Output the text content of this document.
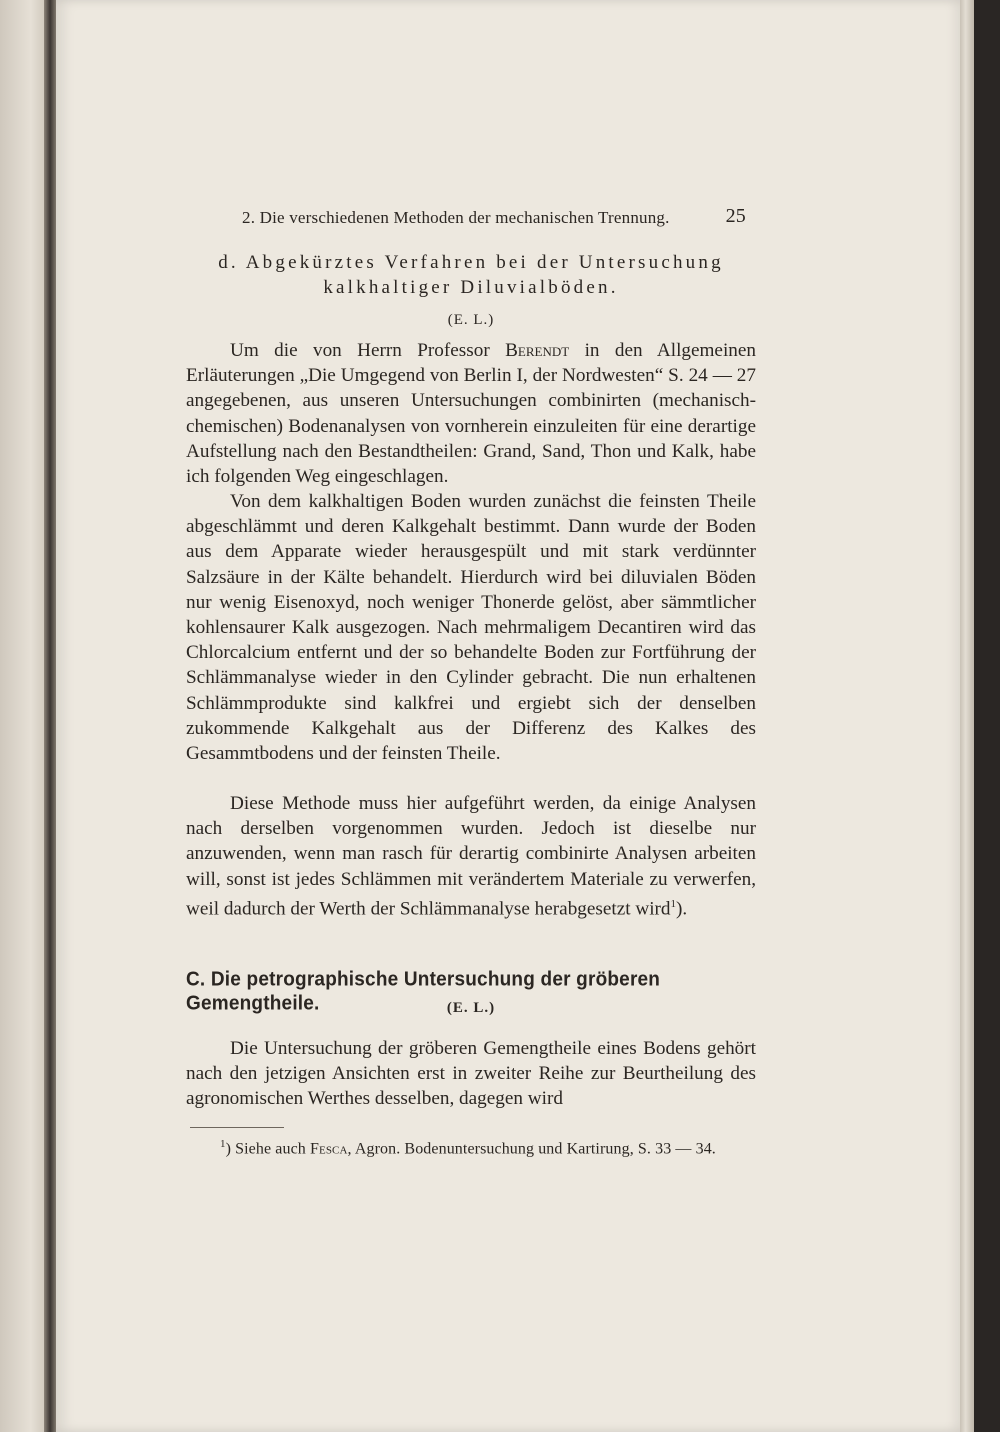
2. Die verschiedenen Methoden der mechanischen Trennung.	25
d. Abgekürztes Verfahren bei der Untersuchung
kalkhaltiger Diluvialböden.
(E. L.)
Um die von Herrn Professor Berendt in den Allgemeinen Erläuterungen „Die Umgegend von Berlin I, der Nordwesten“ S. 24 — 27 angegebenen, aus unseren Untersuchungen combinirten (mechanisch-chemischen) Bodenanalysen von vornherein einzuleiten für eine derartige Aufstellung nach den Bestandtheilen: Grand, Sand, Thon und Kalk, habe ich folgenden Weg eingeschlagen.
Von dem kalkhaltigen Boden wurden zunächst die feinsten Theile abgeschlämmt und deren Kalkgehalt bestimmt. Dann wurde der Boden aus dem Apparate wieder herausgespült und mit stark verdünnter Salzsäure in der Kälte behandelt. Hierdurch wird bei diluvialen Böden nur wenig Eisenoxyd, noch weniger Thonerde gelöst, aber sämmtlicher kohlensaurer Kalk ausgezogen. Nach mehrmaligem Decantiren wird das Chlorcalcium entfernt und der so behandelte Boden zur Fortführung der Schlämmanalyse wieder in den Cylinder gebracht. Die nun erhaltenen Schlämmprodukte sind kalkfrei und ergiebt sich der denselben zukommende Kalkgehalt aus der Differenz des Kalkes des Gesammtbodens und der feinsten Theile.
Diese Methode muss hier aufgeführt werden, da einige Analysen nach derselben vorgenommen wurden. Jedoch ist dieselbe nur anzuwenden, wenn man rasch für derartig combinirte Analysen arbeiten will, sonst ist jedes Schlämmen mit verändertem Materiale zu verwerfen, weil dadurch der Werth der Schlämmanalyse herabgesetzt wird$^1$).
C. Die petrographische Untersuchung der gröberen Gemengtheile.	(E. L.)
Die Untersuchung der gröberen Gemengtheile eines Bodens gehört nach den jetzigen Ansichten erst in zweiter Reihe zur Beurtheilung des agronomischen Werthes desselben, dagegen wird
$^1$) Siehe auch Fesca, Agron. Bodenuntersuchung und Kartirung, S. 33 — 34.
